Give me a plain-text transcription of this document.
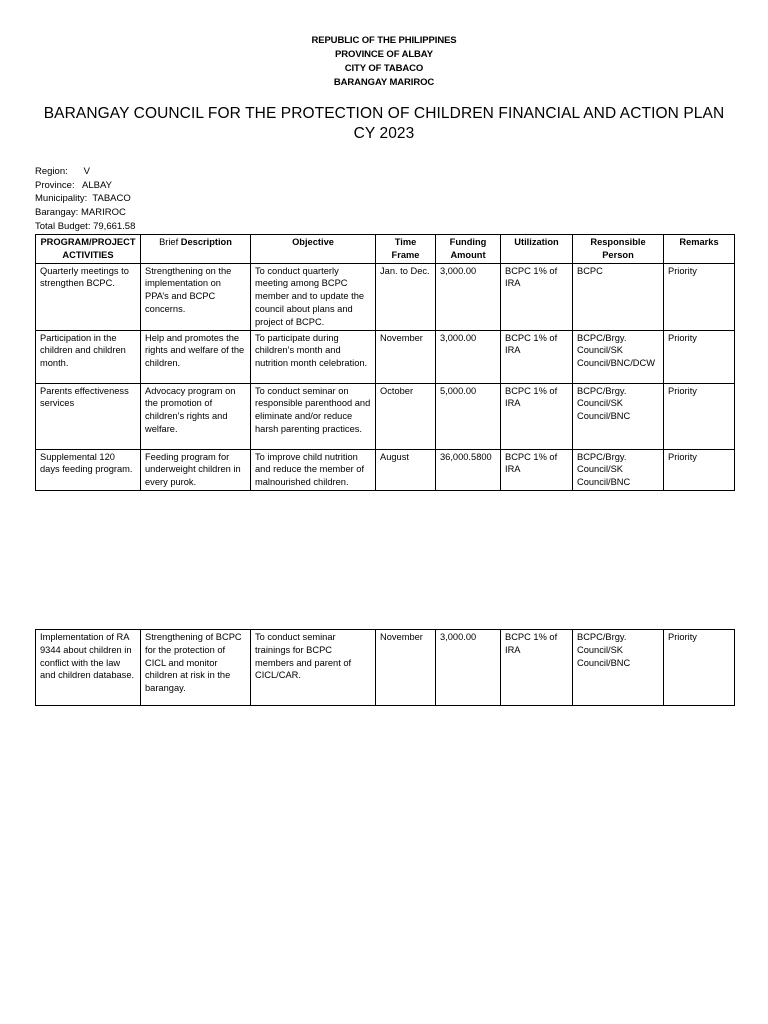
REPUBLIC OF THE PHILIPPINES
PROVINCE OF ALBAY
CITY OF TABACO
BARANGAY MARIROC
BARANGAY COUNCIL FOR THE PROTECTION OF CHILDREN FINANCIAL AND ACTION PLAN
CY 2023
Region: V
Province: ALBAY
Municipality: TABACO
Barangay: MARIROC
Total Budget: 79,661.58
PROGRAM/PROJECT ACTIVITIES	Brief Description	Objective	Time Frame	Funding Amount	Utilization	Responsible Person	Remarks
Quarterly meetings to strengthen BCPC.	Strengthening on the implementation on PPA’s and BCPC concerns.	To conduct quarterly meeting among BCPC member and to update the council about plans and project of BCPC.	Jan. to Dec.	3,000.00	BCPC 1% of IRA	BCPC	Priority
Participation in the children and children month.	Help and promotes the rights and welfare of the children.	To participate during children’s month and nutrition month celebration.	November	3,000.00	BCPC 1% of IRA	BCPC/Brgy. Council/SK Council/BNC/DCW	Priority
Parents effectiveness services	Advocacy program on the promotion of children’s rights and welfare.	To conduct seminar on responsible parenthood and eliminate and/or reduce harsh parenting practices.	October	5,000.00	BCPC 1% of IRA	BCPC/Brgy. Council/SK Council/BNC	Priority
Supplemental 120 days feeding program.	Feeding program for underweight children in every purok.	To improve child nutrition and reduce the member of malnourished children.	August	36,000.5800	BCPC 1% of IRA	BCPC/Brgy. Council/SK Council/BNC	Priority
Implementation of RA 9344 about children in conflict with the law and children database.	Strengthening of BCPC for the protection of CICL and monitor children at risk in the barangay.	To conduct seminar trainings for BCPC members and parent of CICL/CAR.	November	3,000.00	BCPC 1% of IRA	BCPC/Brgy. Council/SK Council/BNC	Priority
